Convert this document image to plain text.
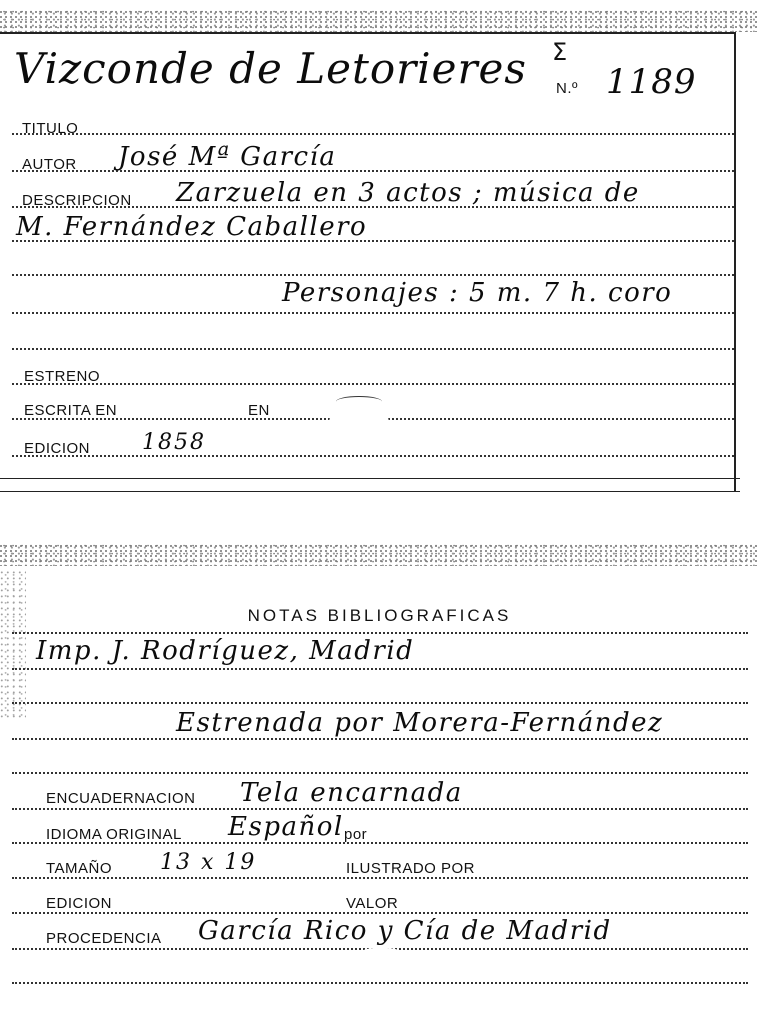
Vizconde de Letorieres Σ
N.º 1189
TITULO
AUTOR José Mª García
DESCRIPCION Zarzuela en 3 actos ; música de
M. Fernández Caballero
Personajes : 5 m. 7 h. coro
ESTRENO
ESCRITA EN	EN
EDICION 1858
NOTAS BIBLIOGRAFICAS
Imp. J. Rodríguez, Madrid
Estrenada por Morera-Fernández
ENCUADERNACION Tela encarnada
IDIOMA ORIGINAL Español por
TAMAÑO 13 x 19	ILUSTRADO POR
EDICION	VALOR
PROCEDENCIA García Rico y Cía de Madrid
